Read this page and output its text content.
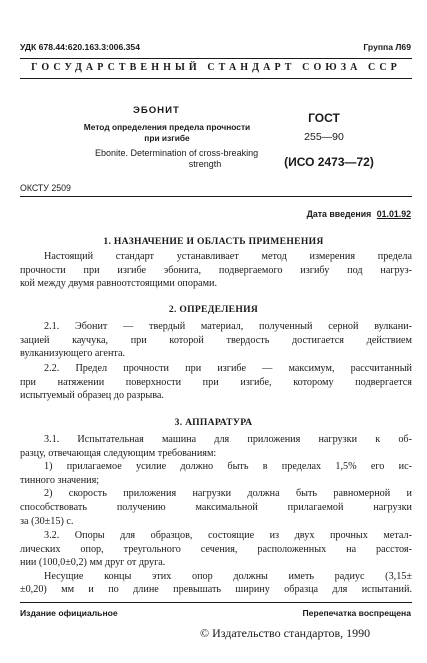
УДК 678.44:620.163.3:006.354	Группа Л69
ГОСУДАРСТВЕННЫЙ СТАНДАРТ СОЮЗА ССР
ЭБОНИТ
Метод определения предела прочности
при изгибе
Ebonite. Determination of cross-breaking
strength
ГОСТ
255—90
(ИСО 2473—72)
ОКСТУ 2509
Дата введения 01.01.92
1. НАЗНАЧЕНИЕ И ОБЛАСТЬ ПРИМЕНЕНИЯ
Настоящий стандарт устанавливает метод измерения предела
прочности при изгибе эбонита, подвергаемого изгибу под нагруз-
кой между двумя равноотстоящими опорами.
2. ОПРЕДЕЛЕНИЯ
2.1. Эбонит — твердый материал, полученный серной вулкани-
зацией каучука, при которой твердость достигается действием
вулканизующего агента.
2.2. Предел прочности при изгибе — максимум, рассчитанный
при натяжении поверхности при изгибе, которому подвергается
испытуемый образец до разрыва.
3. АППАРАТУРА
3.1. Испытательная машина для приложения нагрузки к об-
разцу, отвечающая следующим требованиям:
1) прилагаемое усилие должно быть в пределах 1,5% его ис-
тинного значения;
2) скорость приложения нагрузки должна быть равномерной и
способствовать получению максимальной прилагаемой нагрузки
за (30±15) с.
3.2. Опоры для образцов, состоящие из двух прочных метал-
лических опор, треугольного сечения, расположенных на расстоя-
нии (100,0±0,2) мм друг от друга.
Несущие концы этих опор должны иметь радиус (3,15±
±0,20) мм и по длине превышать ширину образца для испытаний.
Издание официальное	Перепечатка воспрещена
© Издательство стандартов, 1990
